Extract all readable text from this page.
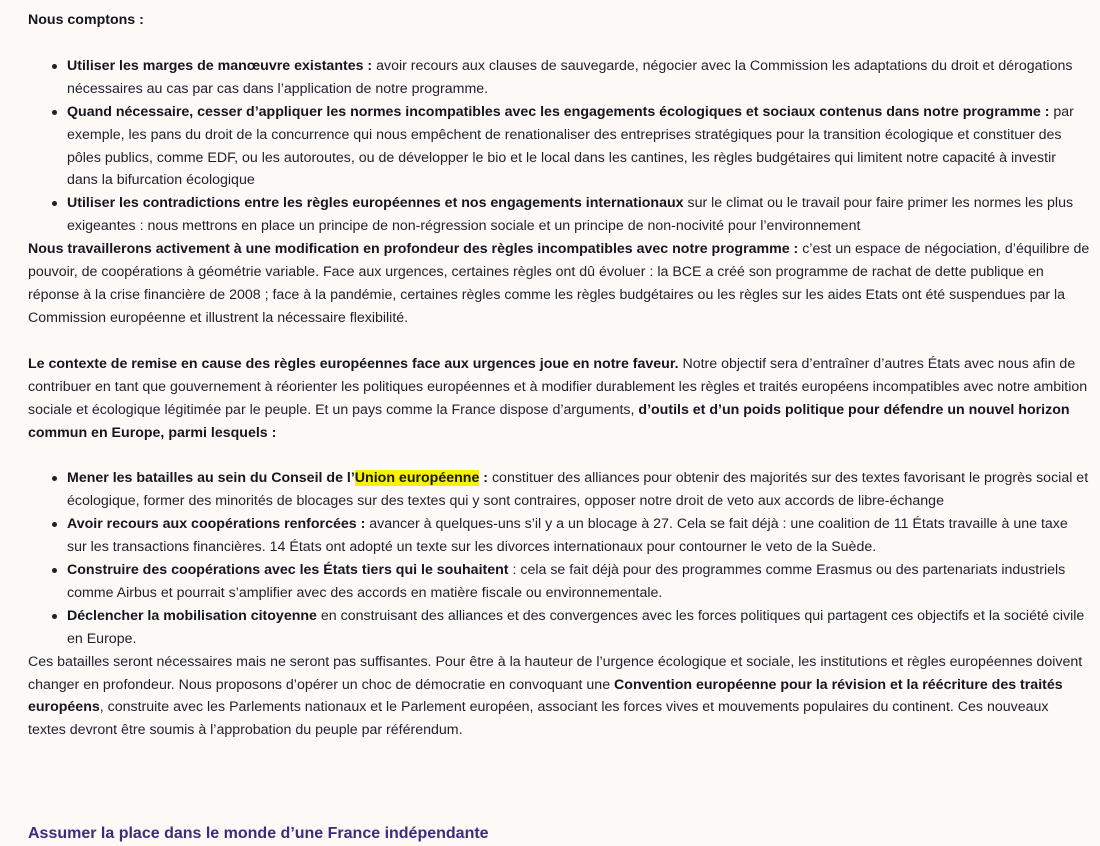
Nous comptons :

Utiliser les marges de manœuvre existantes : avoir recours aux clauses de sauvegarde, négocier avec la Commission les adaptations du droit et dérogations nécessaires au cas par cas dans l’application de notre programme.
Quand nécessaire, cesser d’appliquer les normes incompatibles avec les engagements écologiques et sociaux contenus dans notre programme : par exemple, les pans du droit de la concurrence qui nous empêchent de renationaliser des entreprises stratégiques pour la transition écologique et constituer des pôles publics, comme EDF, ou les autoroutes, ou de développer le bio et le local dans les cantines, les règles budgétaires qui limitent notre capacité à investir dans la bifurcation écologique
Utiliser les contradictions entre les règles européennes et nos engagements internationaux sur le climat ou le travail pour faire primer les normes les plus exigeantes : nous mettrons en place un principe de non-régression sociale et un principe de non-nocivité pour l’environnement

Nous travaillerons activement à une modification en profondeur des règles incompatibles avec notre programme : c’est un espace de négociation, d’équilibre de pouvoir, de coopérations à géométrie variable. Face aux urgences, certaines règles ont dû évoluer : la BCE a créé son programme de rachat de dette publique en réponse à la crise financière de 2008 ; face à la pandémie, certaines règles comme les règles budgétaires ou les règles sur les aides Etats ont été suspendues par la Commission européenne et illustrent la nécessaire flexibilité.

Le contexte de remise en cause des règles européennes face aux urgences joue en notre faveur. Notre objectif sera d’entraîner d’autres États avec nous afin de contribuer en tant que gouvernement à réorienter les politiques européennes et à modifier durablement les règles et traités européens incompatibles avec notre ambition sociale et écologique légitimée par le peuple. Et un pays comme la France dispose d’arguments, d’outils et d’un poids politique pour défendre un nouvel horizon commun en Europe, parmi lesquels :

Mener les batailles au sein du Conseil de l’Union européenne : constituer des alliances pour obtenir des majorités sur des textes favorisant le progrès social et écologique, former des minorités de blocages sur des textes qui y sont contraires, opposer notre droit de veto aux accords de libre-échange
Avoir recours aux coopérations renforcées : avancer à quelques-uns s’il y a un blocage à 27. Cela se fait déjà : une coalition de 11 États travaille à une taxe sur les transactions financières. 14 États ont adopté un texte sur les divorces internationaux pour contourner le veto de la Suède.
Construire des coopérations avec les États tiers qui le souhaitent : cela se fait déjà pour des programmes comme Erasmus ou des partenariats industriels comme Airbus et pourrait s’amplifier avec des accords en matière fiscale ou environnementale.
Déclencher la mobilisation citoyenne en construisant des alliances et des convergences avec les forces politiques qui partagent ces objectifs et la société civile en Europe.

Ces batailles seront nécessaires mais ne seront pas suffisantes. Pour être à la hauteur de l’urgence écologique et sociale, les institutions et règles européennes doivent changer en profondeur. Nous proposons d’opérer un choc de démocratie en convoquant une Convention européenne pour la révision et la réécriture des traités européens, construite avec les Parlements nationaux et le Parlement européen, associant les forces vives et mouvements populaires du continent. Ces nouveaux textes devront être soumis à l’approbation du peuple par référendum.

Assumer la place dans le monde d’une France indépendante
